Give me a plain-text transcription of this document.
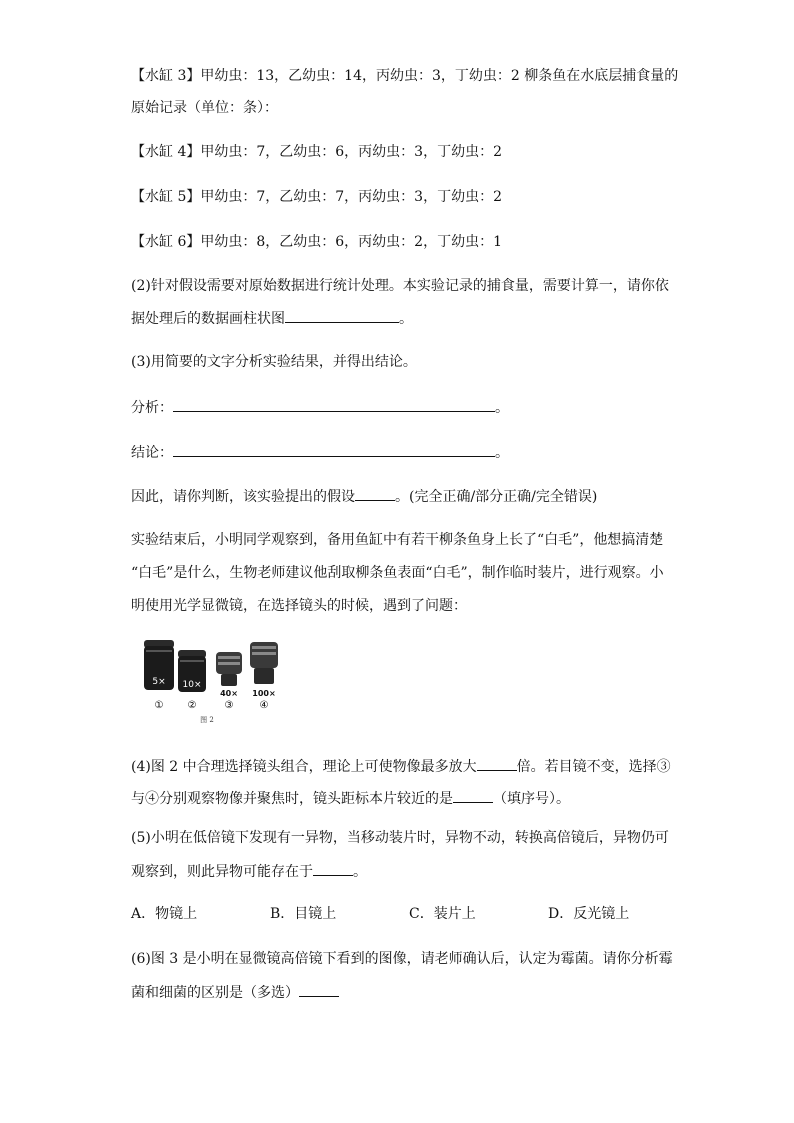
【水缸 3】甲幼虫：13，乙幼虫：14，丙幼虫：3，丁幼虫：2 柳条鱼在水底层捕食量的
原始记录（单位：条）：
【水缸 4】甲幼虫：7，乙幼虫：6，丙幼虫：3，丁幼虫：2
【水缸 5】甲幼虫：7，乙幼虫：7，丙幼虫：3，丁幼虫：2
【水缸 6】甲幼虫：8，乙幼虫：6，丙幼虫：2，丁幼虫：1
(2)针对假设需要对原始数据进行统计处理。本实验记录的捕食量，需要计算一，请你依
据处理后的数据画柱状图	。
(3)用简要的文字分析实验结果，并得出结论。
分析：	。
结论：	。
因此，请你判断，该实验提出的假设	。(完全正确/部分正确/完全错误)
实验结束后，小明同学观察到，备用鱼缸中有若干柳条鱼身上长了“白毛”，他想搞清楚
“白毛”是什么，生物老师建议他刮取柳条鱼表面“白毛”，制作临时装片，进行观察。小
明使用光学显微镜，在选择镜头的时候，遇到了问题：
5× 10×
40× 100×
① ②	③	④
图 2
(4)图 2 中合理选择镜头组合，理论上可使物像最多放大	倍。若目镜不变，选择③
与④分别观察物像并聚焦时，镜头距标本片较近的是	（填序号）。
(5)小明在低倍镜下发现有一异物，当移动装片时，异物不动，转换高倍镜后，异物仍可
观察到，则此异物可能存在于	。
A．物镜上	B．目镜上	C．装片上	D．反光镜上
(6)图 3 是小明在显微镜高倍镜下看到的图像，请老师确认后，认定为霉菌。请你分析霉
菌和细菌的区别是（多选）
